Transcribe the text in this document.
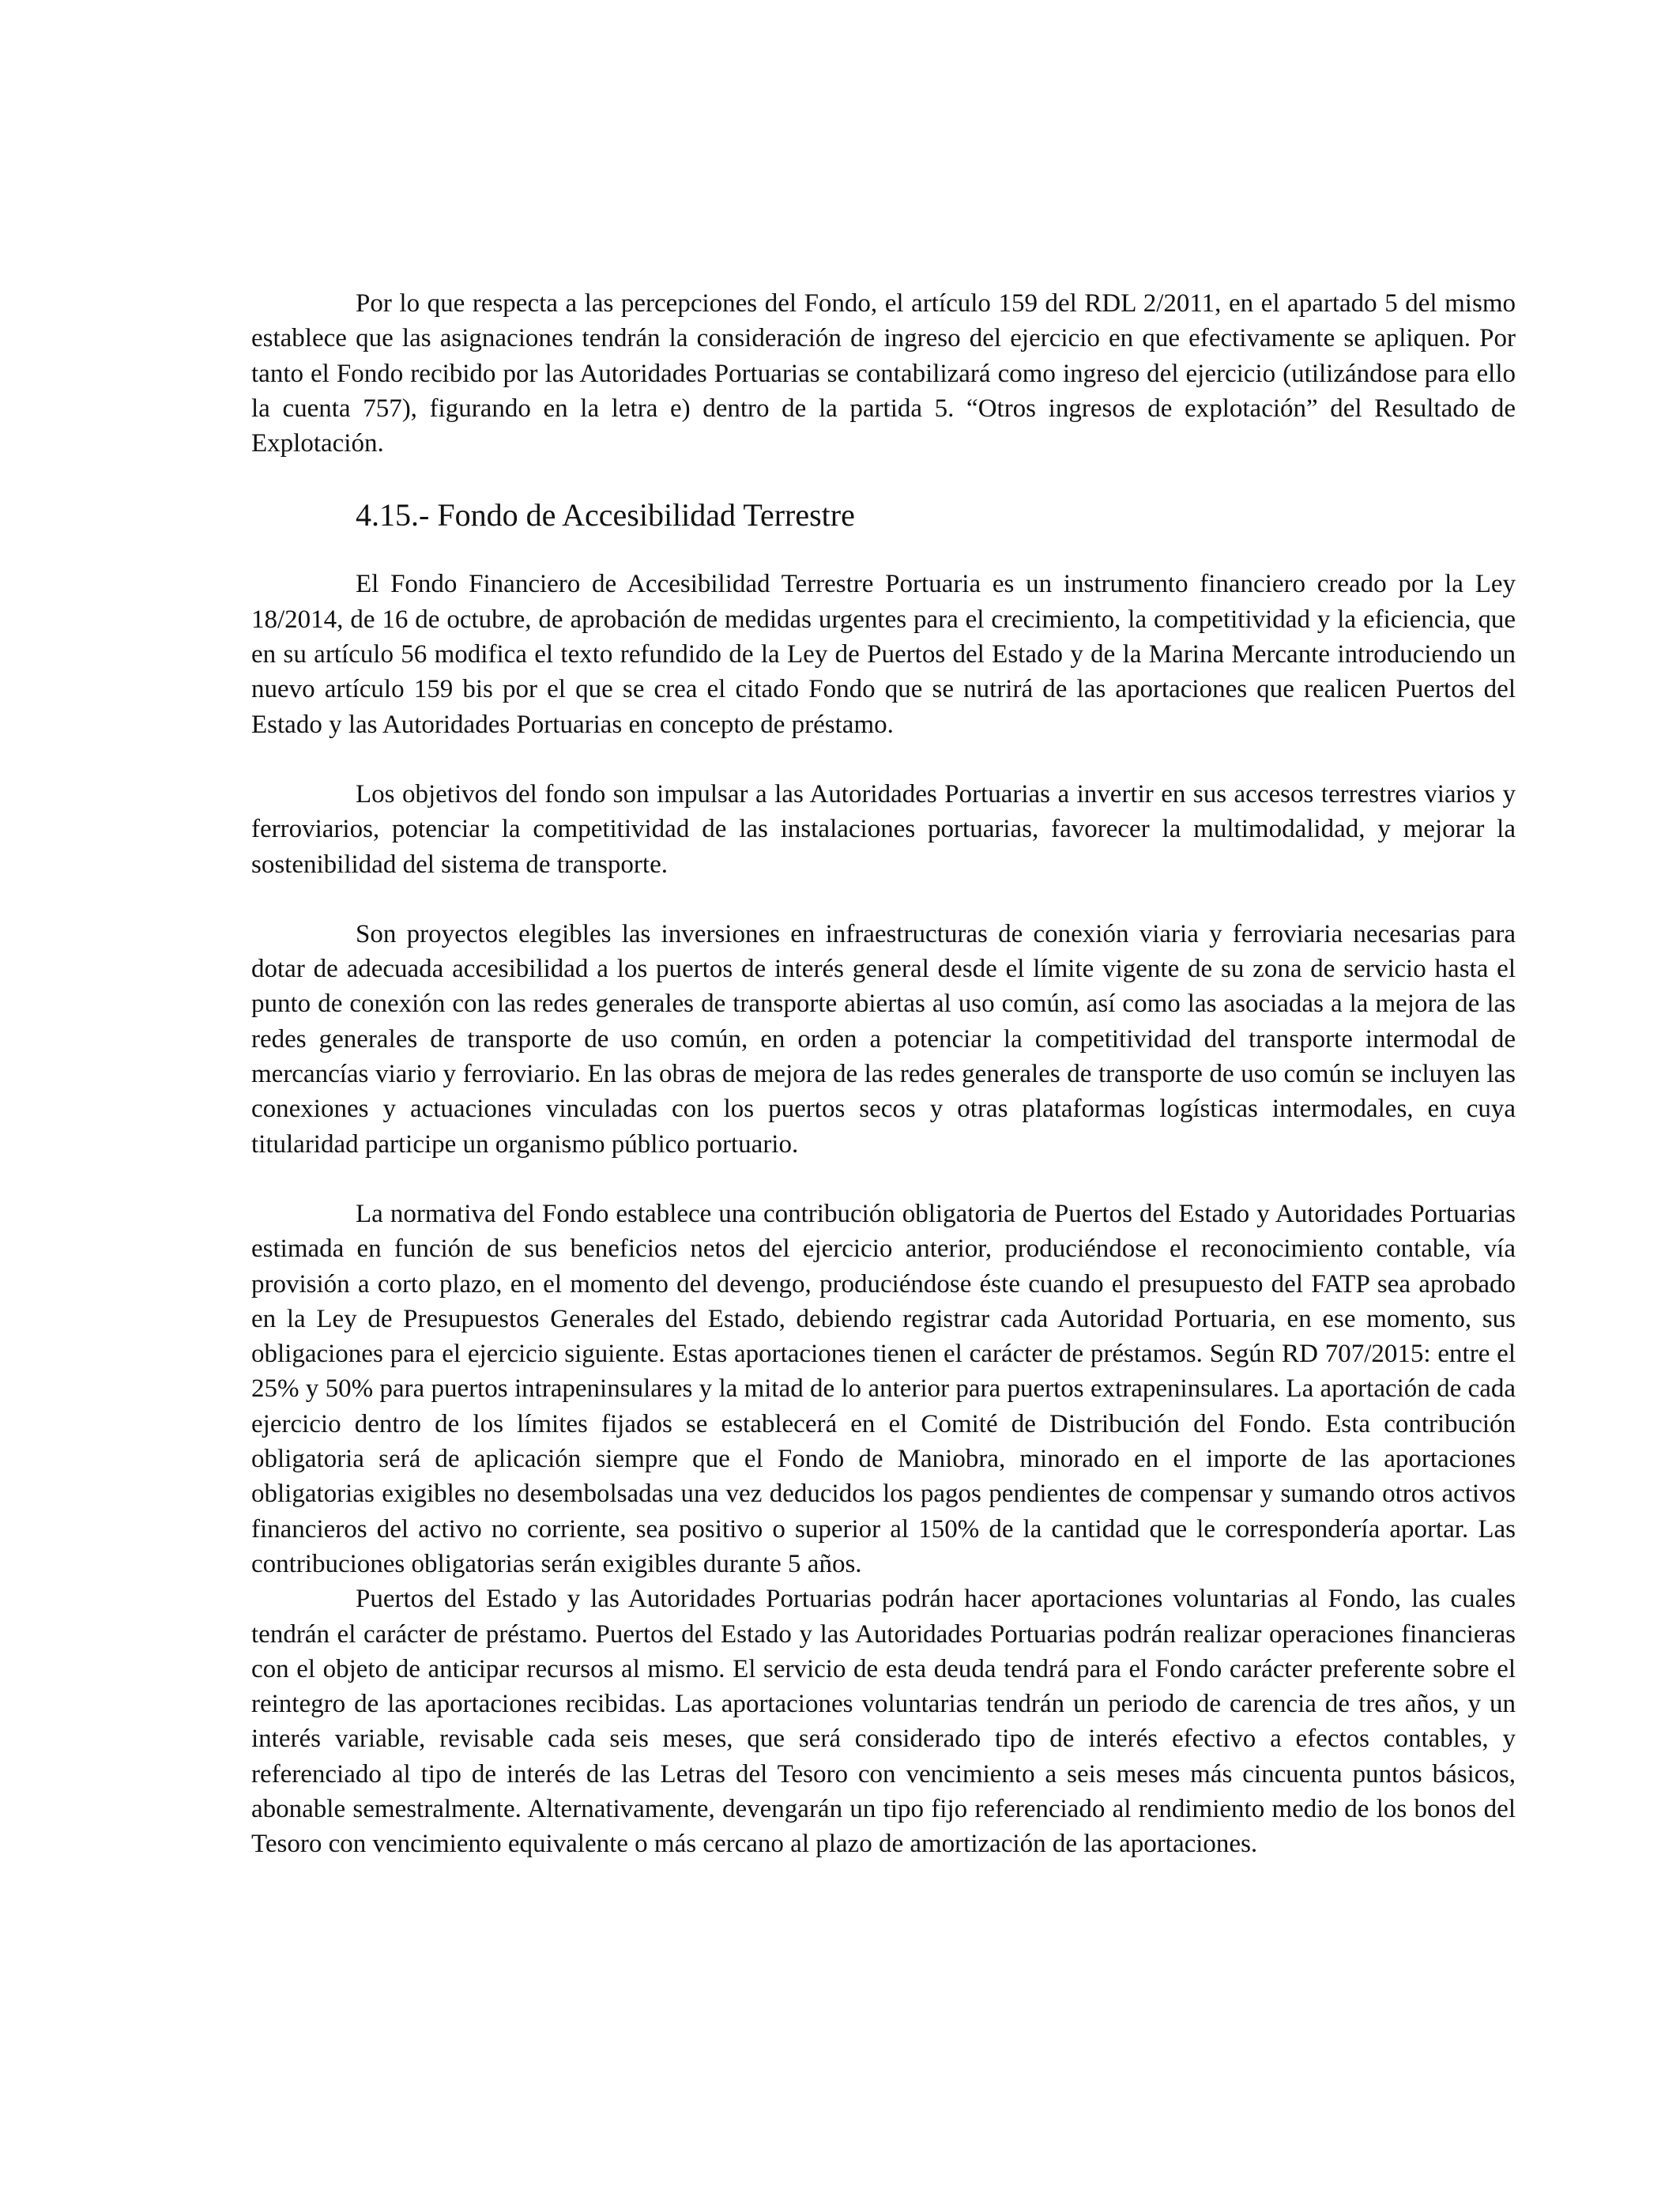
Por lo que respecta a las percepciones del Fondo, el artículo 159 del RDL 2/2011, en el apartado 5 del mismo establece que las asignaciones tendrán la consideración de ingreso del ejercicio en que efectivamente se apliquen. Por tanto el Fondo recibido por las Autoridades Portuarias se contabilizará como ingreso del ejercicio (utilizándose para ello la cuenta 757), figurando en la letra e) dentro de la partida 5. “Otros ingresos de explotación” del Resultado de Explotación.

4.15.- Fondo de Accesibilidad Terrestre

El Fondo Financiero de Accesibilidad Terrestre Portuaria es un instrumento financiero creado por la Ley 18/2014, de 16 de octubre, de aprobación de medidas urgentes para el crecimiento, la competitividad y la eficiencia, que en su artículo 56 modifica el texto refundido de la Ley de Puertos del Estado y de la Marina Mercante introduciendo un nuevo artículo 159 bis por el que se crea el citado Fondo que se nutrirá de las aportaciones que realicen Puertos del Estado y las Autoridades Portuarias en concepto de préstamo.

Los objetivos del fondo son impulsar a las Autoridades Portuarias a invertir en sus accesos terrestres viarios y ferroviarios, potenciar la competitividad de las instalaciones portuarias, favorecer la multimodalidad, y mejorar la sostenibilidad del sistema de transporte.

Son proyectos elegibles las inversiones en infraestructuras de conexión viaria y ferroviaria necesarias para dotar de adecuada accesibilidad a los puertos de interés general desde el límite vigente de su zona de servicio hasta el punto de conexión con las redes generales de transporte abiertas al uso común, así como las asociadas a la mejora de las redes generales de transporte de uso común, en orden a potenciar la competitividad del transporte intermodal de mercancías viario y ferroviario. En las obras de mejora de las redes generales de transporte de uso común se incluyen las conexiones y actuaciones vinculadas con los puertos secos y otras plataformas logísticas intermodales, en cuya titularidad participe un organismo público portuario.

La normativa del Fondo establece una contribución obligatoria de Puertos del Estado y Autoridades Portuarias estimada en función de sus beneficios netos del ejercicio anterior, produciéndose el reconocimiento contable, vía provisión a corto plazo, en el momento del devengo, produciéndose éste cuando el presupuesto del FATP sea aprobado en la Ley de Presupuestos Generales del Estado, debiendo registrar cada Autoridad Portuaria, en ese momento, sus obligaciones para el ejercicio siguiente. Estas aportaciones tienen el carácter de préstamos. Según RD 707/2015: entre el 25% y 50% para puertos intrapeninsulares y la mitad de lo anterior para puertos extrapeninsulares. La aportación de cada ejercicio dentro de los límites fijados se establecerá en el Comité de Distribución del Fondo. Esta contribución obligatoria será de aplicación siempre que el Fondo de Maniobra, minorado en el importe de las aportaciones obligatorias exigibles no desembolsadas una vez deducidos los pagos pendientes de compensar y sumando otros activos financieros del activo no corriente, sea positivo o superior al 150% de la cantidad que le correspondería aportar. Las contribuciones obligatorias serán exigibles durante 5 años.

Puertos del Estado y las Autoridades Portuarias podrán hacer aportaciones voluntarias al Fondo, las cuales tendrán el carácter de préstamo. Puertos del Estado y las Autoridades Portuarias podrán realizar operaciones financieras con el objeto de anticipar recursos al mismo. El servicio de esta deuda tendrá para el Fondo carácter preferente sobre el reintegro de las aportaciones recibidas. Las aportaciones voluntarias tendrán un periodo de carencia de tres años, y un interés variable, revisable cada seis meses, que será considerado tipo de interés efectivo a efectos contables, y referenciado al tipo de interés de las Letras del Tesoro con vencimiento a seis meses más cincuenta puntos básicos, abonable semestralmente. Alternativamente, devengarán un tipo fijo referenciado al rendimiento medio de los bonos del Tesoro con vencimiento equivalente o más cercano al plazo de amortización de las aportaciones.
